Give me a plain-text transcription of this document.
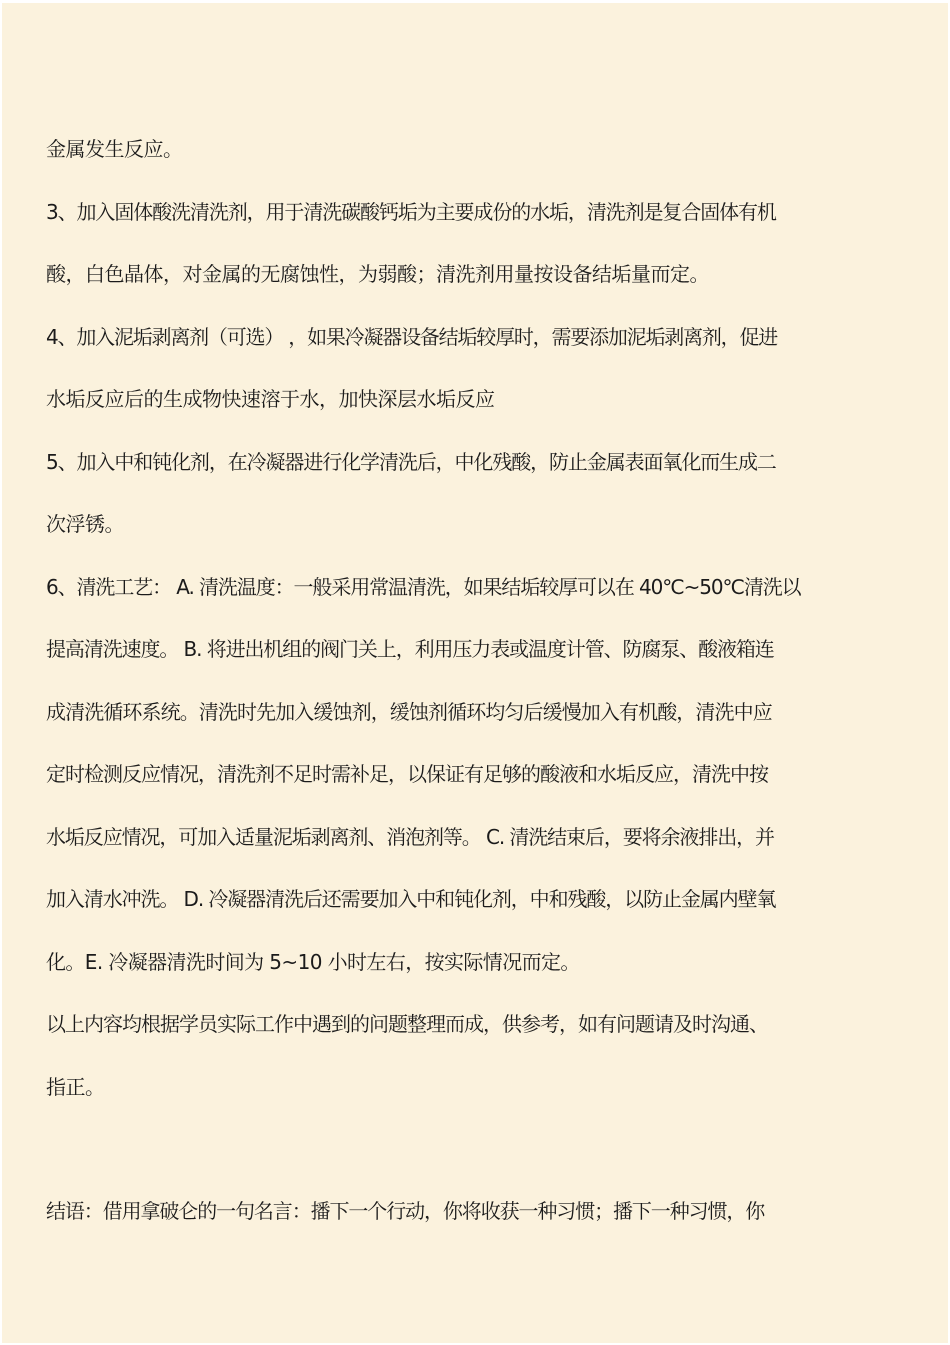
金属发生反应。

3、加入固体酸洗清洗剂，用于清洗碳酸钙垢为主要成份的水垢，清洗剂是复合固体有机

酸，白色晶体，对金属的无腐蚀性，为弱酸；清洗剂用量按设备结垢量而定。

4、加入泥垢剥离剂（可选） ，如果冷凝器设备结垢较厚时，需要添加泥垢剥离剂，促进

水垢反应后的生成物快速溶于水，加快深层水垢反应

5、加入中和钝化剂，在冷凝器进行化学清洗后，中化残酸，防止金属表面氧化而生成二

次浮锈。

6、清洗工艺： A. 清洗温度：一般采用常温清洗，如果结垢较厚可以在 40℃~50℃清洗以

提高清洗速度。 B. 将进出机组的阀门关上，利用压力表或温度计管、防腐泵、酸液箱连

成清洗循环系统。清洗时先加入缓蚀剂，缓蚀剂循环均匀后缓慢加入有机酸，清洗中应

定时检测反应情况，清洗剂不足时需补足，以保证有足够的酸液和水垢反应，清洗中按

水垢反应情况，可加入适量泥垢剥离剂、消泡剂等。 C. 清洗结束后，要将余液排出，并

加入清水冲洗。 D. 冷凝器清洗后还需要加入中和钝化剂，中和残酸，以防止金属内壁氧

化。E. 冷凝器清洗时间为 5~10 小时左右，按实际情况而定。

以上内容均根据学员实际工作中遇到的问题整理而成，供参考，如有问题请及时沟通、

指正。

结语：借用拿破仑的一句名言：播下一个行动，你将收获一种习惯；播下一种习惯，你
